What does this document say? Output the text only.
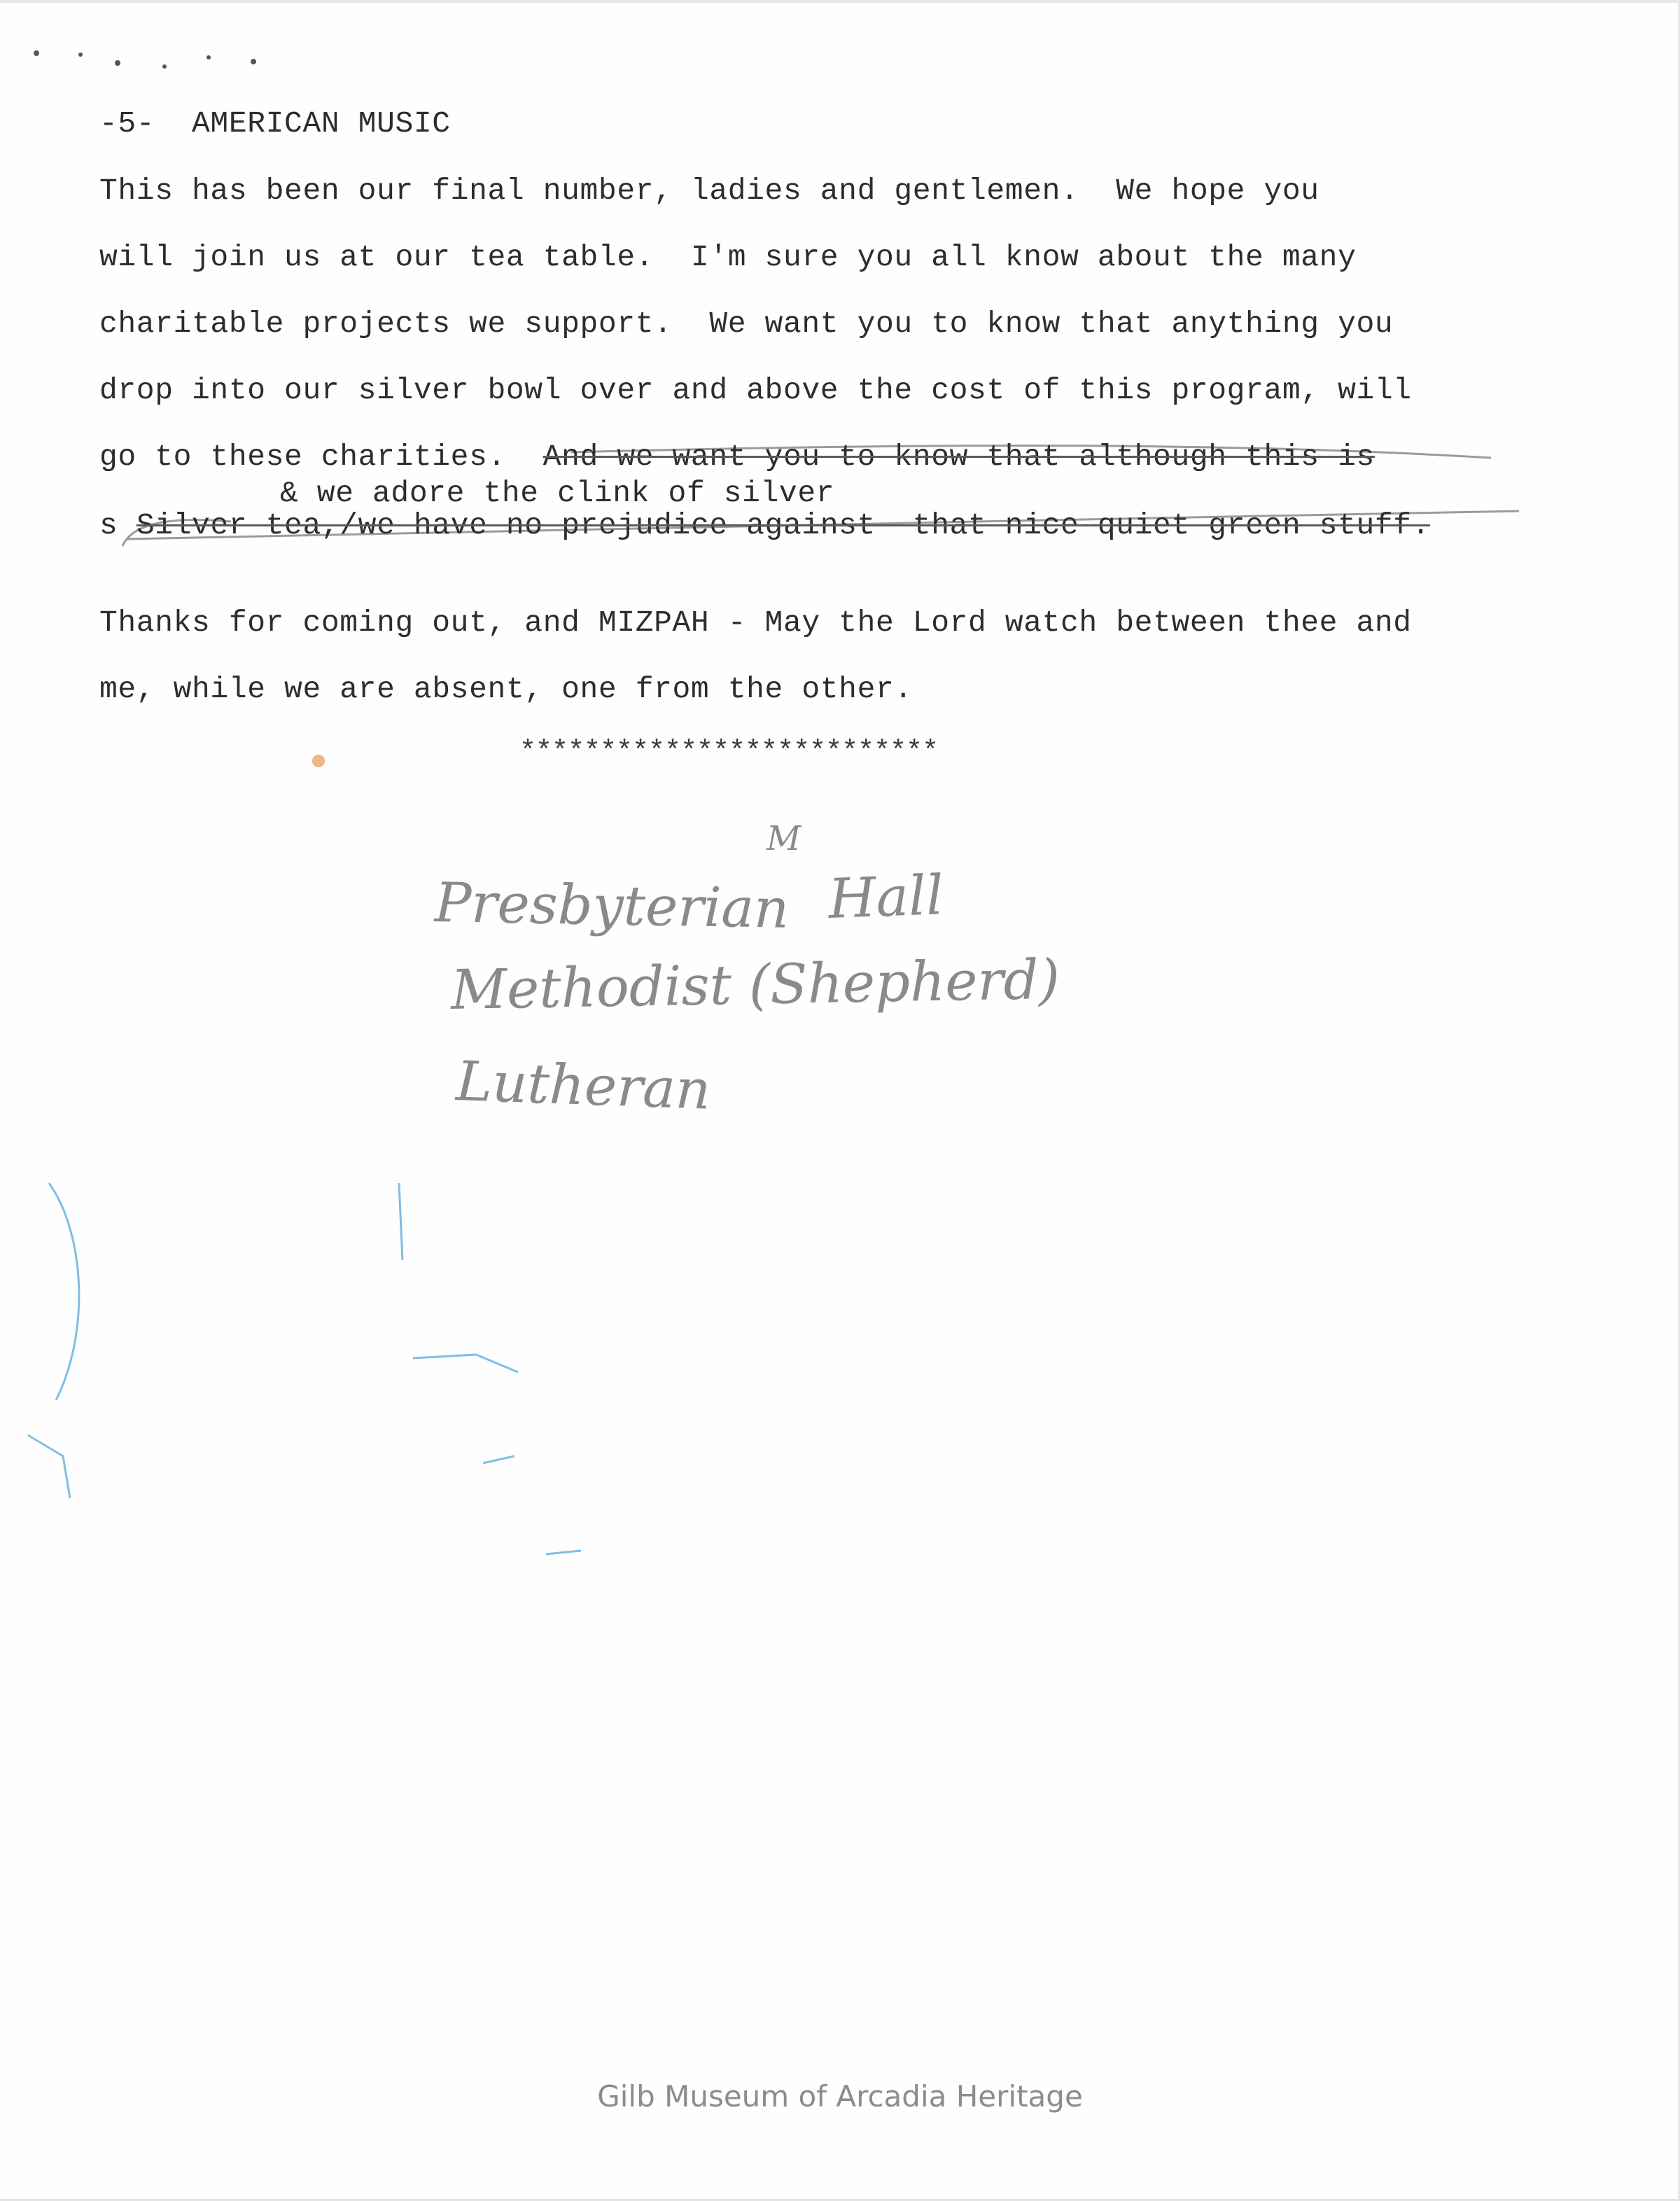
-5-  AMERICAN MUSIC
This has been our final number, ladies and gentlemen.  We hope you
will join us at our tea table.  I'm sure you all know about the many
charitable projects we support.  We want you to know that anything you
drop into our silver bowl over and above the cost of this program, will
go to these charities.  And we want you to know that although this is
& we adore the clink of silver
s Silver tea,/we have no prejudice against  that nice quiet green stuff.
Thanks for coming out, and MIZPAH - May the Lord watch between thee and
me, while we are absent, one from the other.
**************************
M
Presbyterian Hall
Methodist (Shepherd)
Lutheran
Gilb Museum of Arcadia Heritage
